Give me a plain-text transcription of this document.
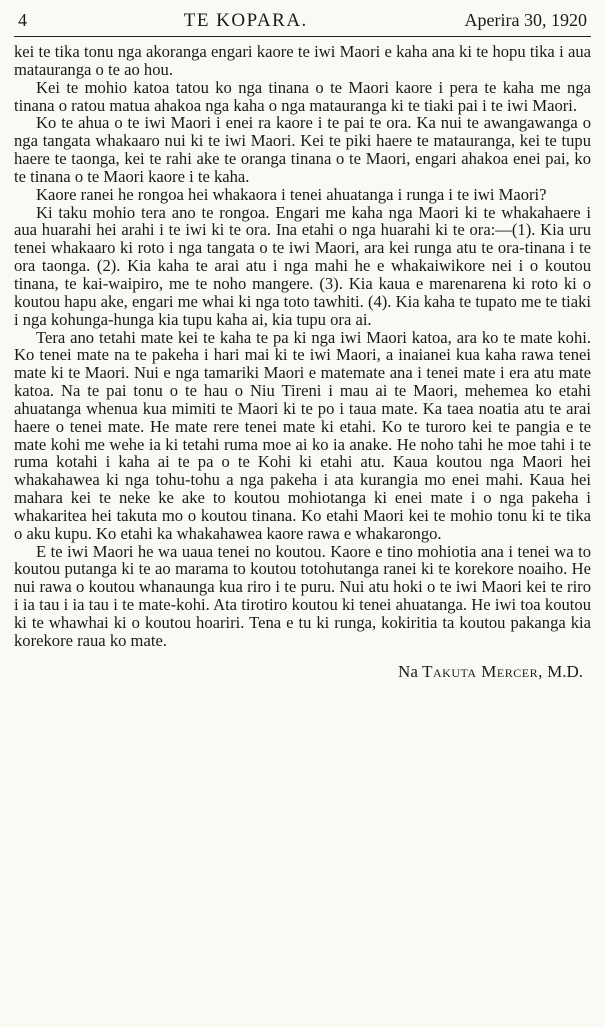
4	TE KOPARA.	Aperira 30, 1920

kei te tika tonu nga akoranga engari kaore te iwi Maori e kaha ana ki te hopu tika i aua matauranga o te ao hou.

Kei te mohio katoa tatou ko nga tinana o te Maori kaore i pera te kaha me nga tinana o ratou matua ahakoa nga kaha o nga matauranga ki te tiaki pai i te iwi Maori.

Ko te ahua o te iwi Maori i enei ra kaore i te pai te ora. Ka nui te awangawanga o nga tangata whakaaro nui ki te iwi Maori. Kei te piki haere te matauranga, kei te tupu haere te taonga, kei te rahi ake te oranga tinana o te Maori, engari ahakoa enei pai, ko te tinana o te Maori kaore i te kaha.

Kaore ranei he rongoa hei whakaora i tenei ahuatanga i runga i te iwi Maori?

Ki taku mohio tera ano te rongoa. Engari me kaha nga Maori ki te whakahaere i aua huarahi hei arahi i te iwi ki te ora. Ina etahi o nga huarahi ki te ora:—(1). Kia uru tenei whakaaro ki roto i nga tangata o te iwi Maori, ara kei runga atu te ora-tinana i te ora taonga. (2). Kia kaha te arai atu i nga mahi he e whakaiwikore nei i o koutou tinana, te kai-waipiro, me te noho mangere. (3). Kia kaua e marenarena ki roto ki o koutou hapu ake, engari me whai ki nga toto tawhiti. (4). Kia kaha te tupato me te tiaki i nga kohunga-hunga kia tupu kaha ai, kia tupu ora ai.

Tera ano tetahi mate kei te kaha te pa ki nga iwi Maori katoa, ara ko te mate kohi. Ko tenei mate na te pakeha i hari mai ki te iwi Maori, a inaianei kua kaha rawa tenei mate ki te Maori. Nui e nga tamariki Maori e matemate ana i tenei mate i era atu mate katoa. Na te pai tonu o te hau o Niu Tireni i mau ai te Maori, mehemea ko etahi ahuatanga whenua kua mimiti te Maori ki te po i taua mate. Ka taea noatia atu te arai haere o tenei mate. He mate rere tenei mate ki etahi. Ko te turoro kei te pangia e te mate kohi me wehe ia ki tetahi ruma moe ai ko ia anake. He noho tahi he moe tahi i te ruma kotahi i kaha ai te pa o te Kohi ki etahi atu. Kaua koutou nga Maori hei whakahawea ki nga tohu-tohu a nga pakeha i ata kurangia mo enei mahi. Kaua hei mahara kei te neke ke ake to koutou mohiotanga ki enei mate i o nga pakeha i whakaritea hei takuta mo o koutou tinana. Ko etahi Maori kei te mohio tonu ki te tika o aku kupu. Ko etahi ka whakahawea kaore rawa e whakarongo.

E te iwi Maori he wa uaua tenei no koutou. Kaore e tino mohiotia ana i tenei wa to koutou putanga ki te ao marama to koutou totohutanga ranei ki te korekore noaiho. He nui rawa o koutou whanaunga kua riro i te puru. Nui atu hoki o te iwi Maori kei te riro i ia tau i ia tau i te mate-kohi. Ata tirotiro koutou ki tenei ahuatanga. He iwi toa koutou ki te whawhai ki o koutou hoariri. Tena e tu ki runga, kokiritia ta koutou pakanga kia korekore raua ko mate.

Na Takuta Mercer, M.D.
